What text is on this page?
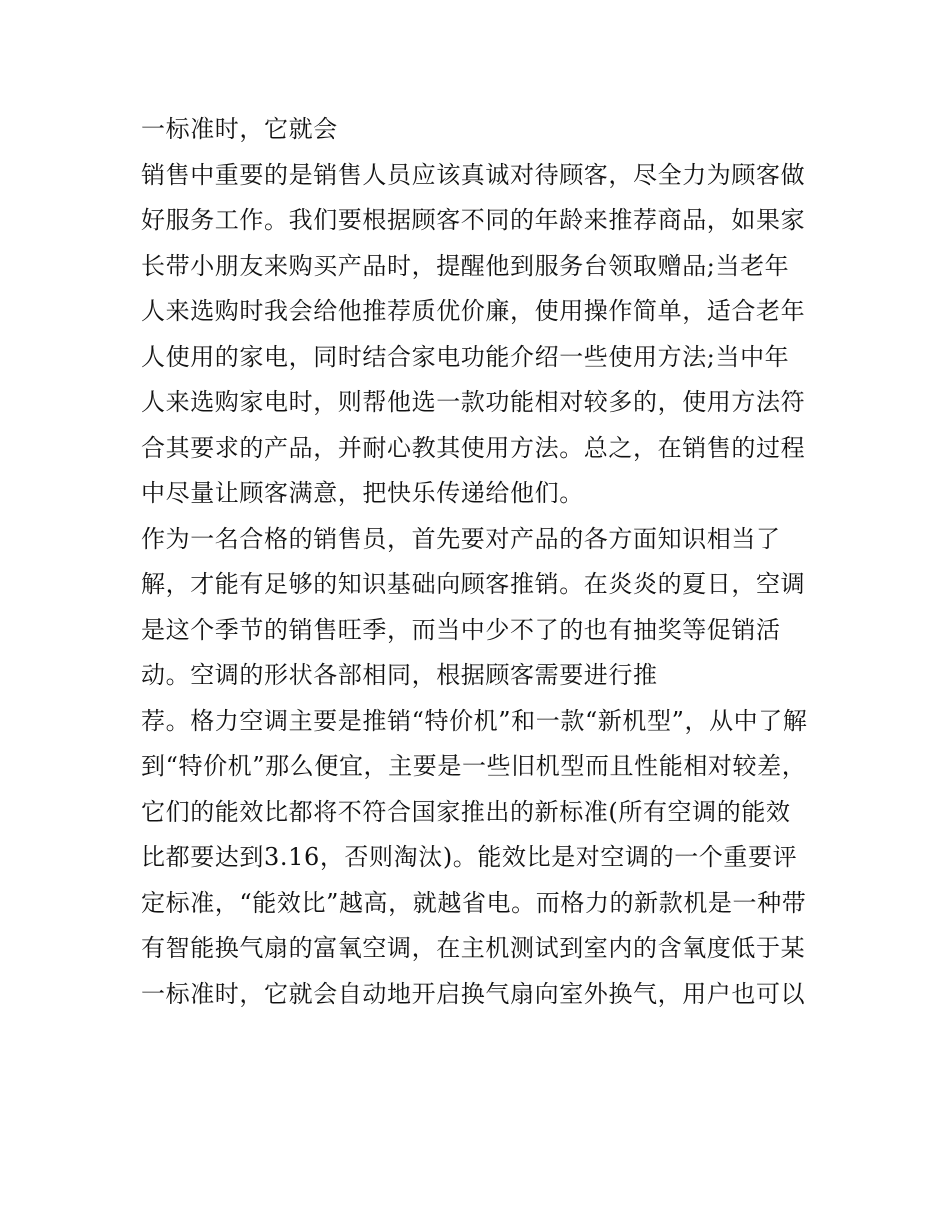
一标准时，它就会
销售中重要的是销售人员应该真诚对待顾客，尽全力为顾客做
好服务工作。我们要根据顾客不同的年龄来推荐商品，如果家
长带小朋友来购买产品时，提醒他到服务台领取赠品;当老年
人来选购时我会给他推荐质优价廉，使用操作简单，适合老年
人使用的家电，同时结合家电功能介绍一些使用方法;当中年
人来选购家电时，则帮他选一款功能相对较多的，使用方法符
合其要求的产品，并耐心教其使用方法。总之，在销售的过程
中尽量让顾客满意，把快乐传递给他们。
作为一名合格的销售员，首先要对产品的各方面知识相当了
解，才能有足够的知识基础向顾客推销。在炎炎的夏日，空调
是这个季节的销售旺季，而当中少不了的也有抽奖等促销活
动。空调的形状各部相同，根据顾客需要进行推
荐。格力空调主要是推销“特价机”和一款“新机型”，从中了解
到“特价机”那么便宜，主要是一些旧机型而且性能相对较差，
它们的能效比都将不符合国家推出的新标准(所有空调的能效
比都要达到3.16，否则淘汰)。能效比是对空调的一个重要评
定标准，“能效比”越高，就越省电。而格力的新款机是一种带
有智能换气扇的富氧空调，在主机测试到室内的含氧度低于某
一标准时，它就会自动地开启换气扇向室外换气，用户也可以
